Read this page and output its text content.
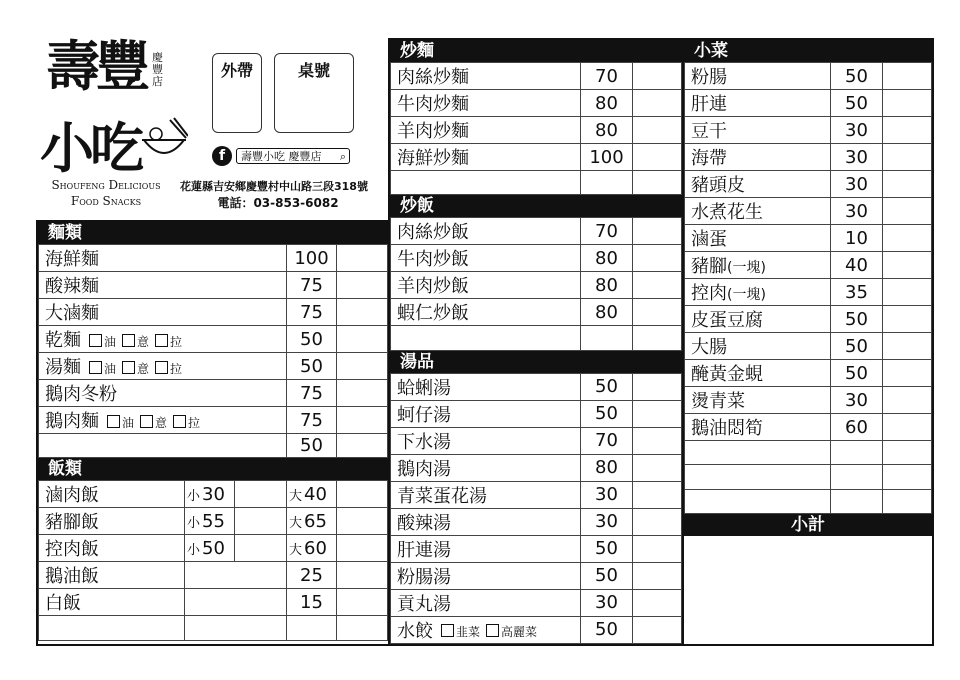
壽豐
小吃
慶豐店
Shoufeng Delicious
Food Snacks
外帶	桌號
f	壽豐小吃 慶豐店 ⌕
花蓮縣吉安鄉慶豐村中山路三段318號
電話：03-853-6082
麵類
海鮮麵	100	
酸辣麵	75	
大滷麵	75	
乾麵 油 意 拉	50	
湯麵 油 意 拉	50	
鵝肉冬粉	75	
鵝肉麵 油 意 拉	75	
	50	
飯類
滷肉飯	小 30		大 40	
豬腳飯	小 55		大 65	
控肉飯	小 50		大 60	
鵝油飯			25	
白飯			15	

炒麵
肉絲炒麵	70	
牛肉炒麵	80	
羊肉炒麵	80	
海鮮炒麵	100	

炒飯
肉絲炒飯	70	
牛肉炒飯	80	
羊肉炒飯	80	
蝦仁炒飯	80	

湯品
蛤蜊湯	50	
蚵仔湯	50	
下水湯	70	
鵝肉湯	80	
青菜蛋花湯	30	
酸辣湯	30	
肝連湯	50	
粉腸湯	50	
貢丸湯	30	
水餃 韭菜 高麗菜	50	
小菜
粉腸	50	
肝連	50	
豆干	30	
海帶	30	
豬頭皮	30	
水煮花生	30	
滷蛋	10	
豬腳(一塊)	40	
控肉(一塊)	35	
皮蛋豆腐	50	
大腸	50	
醃黃金蜆	50	
燙青菜	30	
鵝油悶筍	60	

小計
